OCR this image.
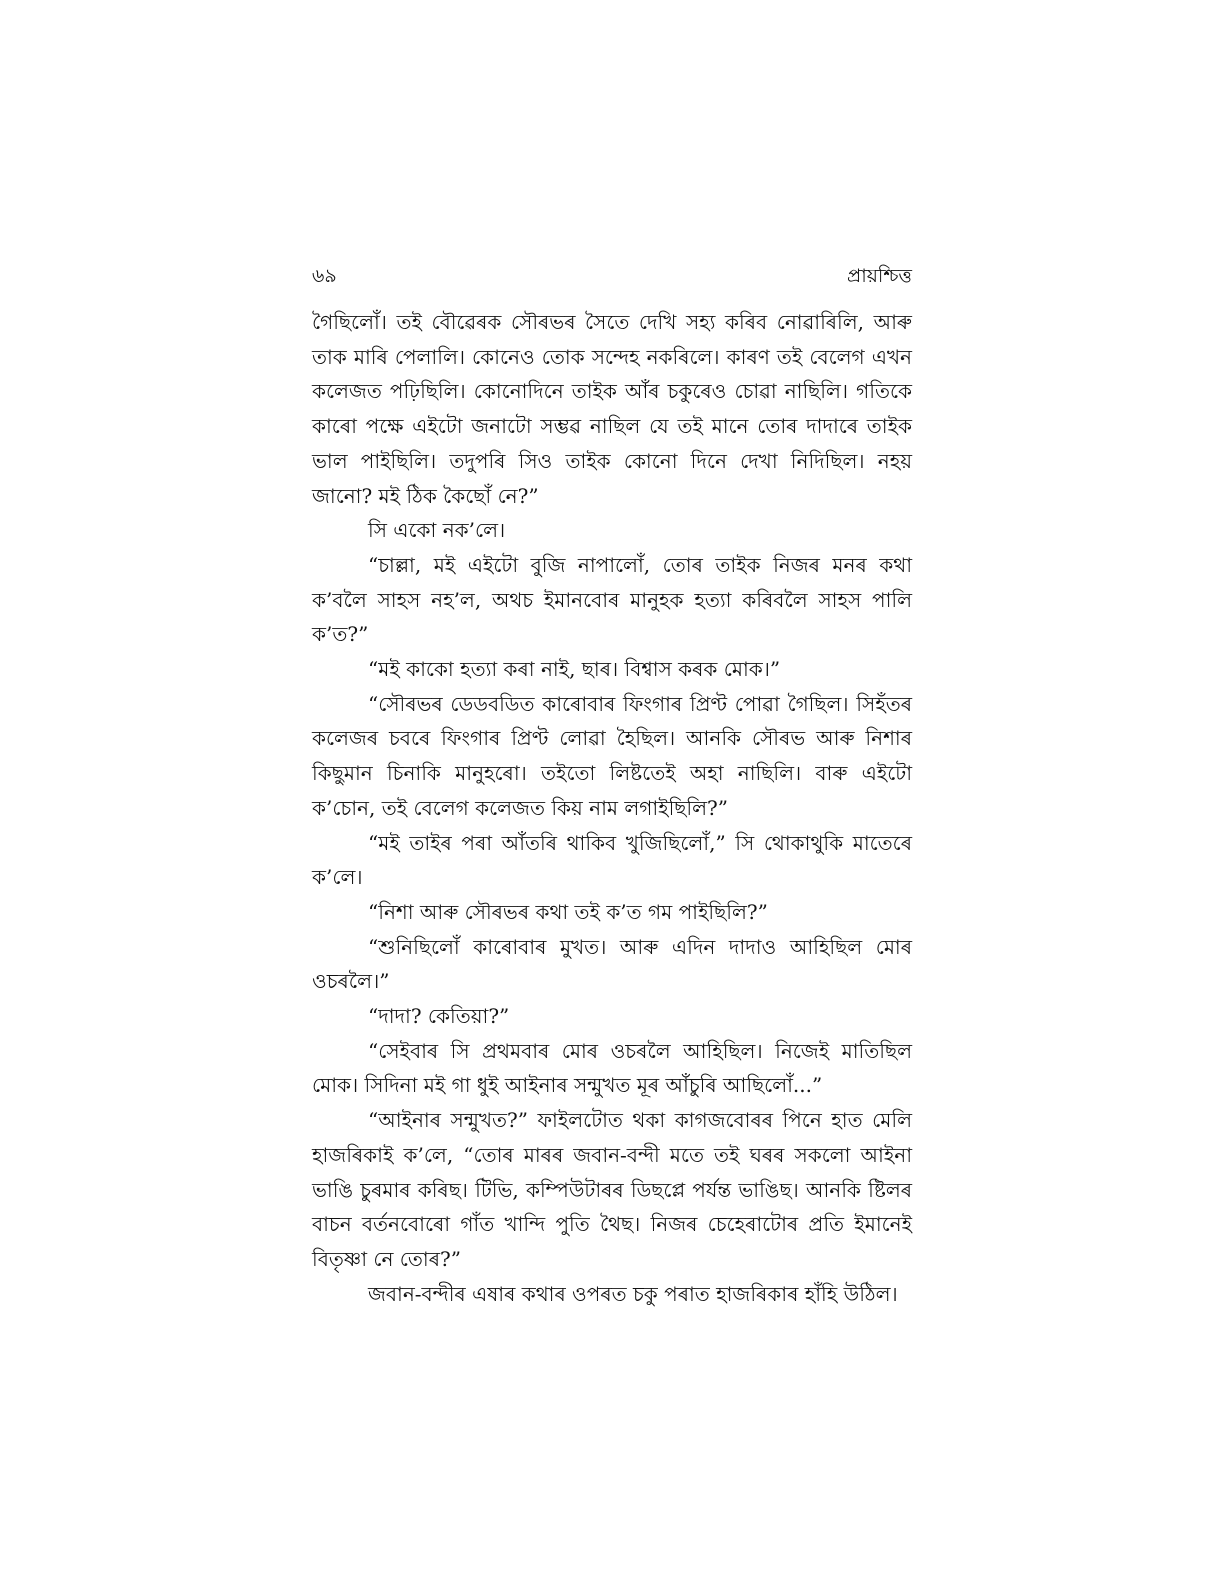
৬৯	প্ৰায়শ্চিত্ত

গৈছিলোঁ। তই বৌৱেৰক সৌৰভৰ সৈতে দেখি সহ্য কৰিব নোৱাৰিলি, আৰু তাক মাৰি পেলালি। কোনেও তোক সন্দেহ নকৰিলে। কাৰণ তই বেলেগ এখন কলেজত পঢ়িছিলি। কোনোদিনে তাইক আঁৰ চকুৰেও চোৱা নাছিলি। গতিকে কাৰো পক্ষে এইটো জনাটো সম্ভৱ নাছিল যে তই মানে তোৰ দাদাৰে তাইক ভাল পাইছিলি। তদুপৰি সিও তাইক কোনো দিনে দেখা নিদিছিল। নহয় জানো? মই ঠিক কৈছোঁ নে?”

সি একো নক’লে।

“চাল্লা, মই এইটো বুজি নাপালোঁ, তোৰ তাইক নিজৰ মনৰ কথা ক’বলৈ সাহস নহ’ল, অথচ ইমানবোৰ মানুহক হত্যা কৰিবলৈ সাহস পালি ক’ত?”

“মই কাকো হত্যা কৰা নাই, ছাৰ। বিশ্বাস কৰক মোক।”

“সৌৰভৰ ডেডবডিত কাৰোবাৰ ফিংগাৰ প্ৰিণ্ট পোৱা গৈছিল। সিহঁতৰ কলেজৰ চবৰে ফিংগাৰ প্ৰিণ্ট লোৱা হৈছিল। আনকি সৌৰভ আৰু নিশাৰ কিছুমান চিনাকি মানুহৰো। তইতো লিষ্টতেই অহা নাছিলি। বাৰু এইটো ক’চোন, তই বেলেগ কলেজত কিয় নাম লগাইছিলি?”

“মই তাইৰ পৰা আঁতৰি থাকিব খুজিছিলোঁ,” সি থোকাথুকি মাতেৰে ক’লে।

“নিশা আৰু সৌৰভৰ কথা তই ক’ত গম পাইছিলি?”

“শুনিছিলোঁ কাৰোবাৰ মুখত। আৰু এদিন দাদাও আহিছিল মোৰ ওচৰলৈ।”

“দাদা? কেতিয়া?”

“সেইবাৰ সি প্ৰথমবাৰ মোৰ ওচৰলৈ আহিছিল। নিজেই মাতিছিল মোক। সিদিনা মই গা ধুই আইনাৰ সন্মুখত মূৰ আঁচুৰি আছিলোঁ...”

“আইনাৰ সন্মুখত?” ফাইলটোত থকা কাগজবোৰৰ পিনে হাত মেলি হাজৰিকাই ক’লে, “তোৰ মাৰৰ জবান-বন্দী মতে তই ঘৰৰ সকলো আইনা ভাঙি চুৰমাৰ কৰিছ। টিভি, কম্পিউটাৰৰ ডিছপ্লে পৰ্যন্ত ভাঙিছ। আনকি ষ্টিলৰ বাচন বৰ্তনবোৰো গাঁত খান্দি পুতি থৈছ। নিজৰ চেহেৰাটোৰ প্ৰতি ইমানেই বিতৃষ্ণা নে তোৰ?”

জবান-বন্দীৰ এষাৰ কথাৰ ওপৰত চকু পৰাত হাজৰিকাৰ হাঁহি উঠিল।
